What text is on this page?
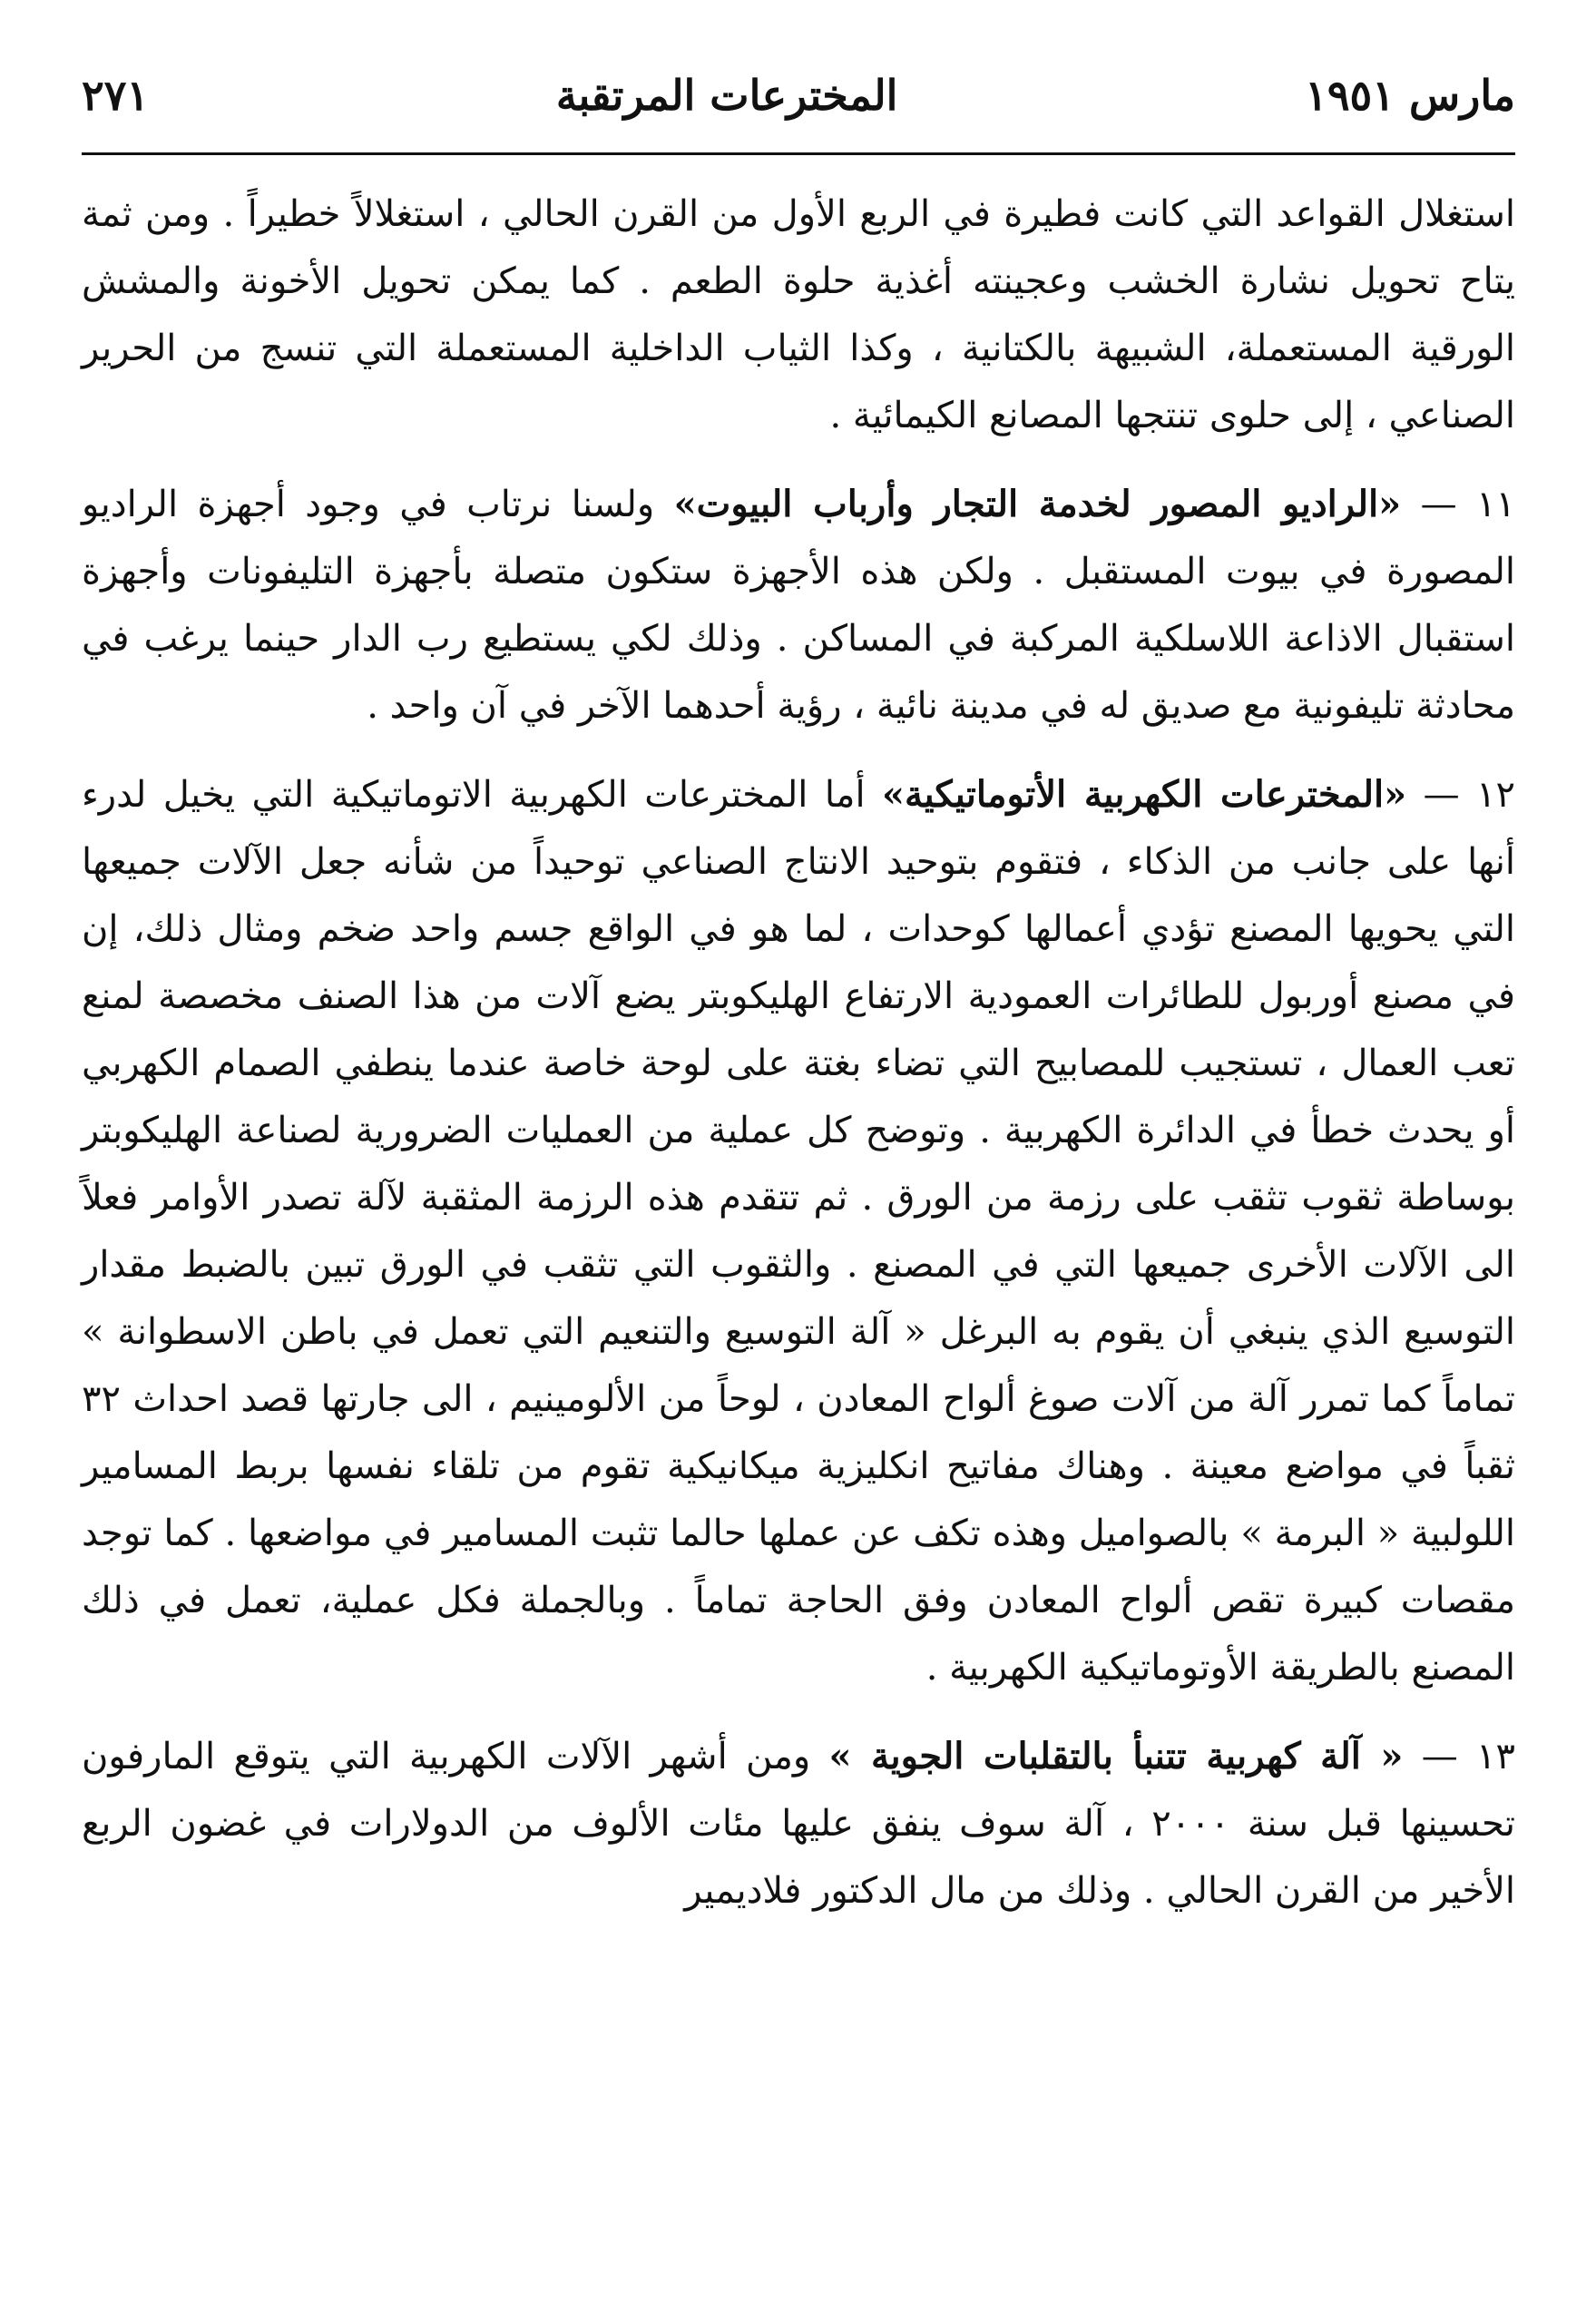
مارس ١٩٥١
المخترعات المرتقبة
٢٧١

استغلال القواعد التي كانت فطيرة في الربع الأول من القرن الحالي ، استغلالاً خطيراً . ومن ثمة يتاح تحويل نشارة الخشب وعجينته أغذية حلوة الطعم . كما يمكن تحويل الأخونة والمشش الورقية المستعملة، الشبيهة بالكتانية ، وكذا الثياب الداخلية المستعملة التي تنسج من الحرير الصناعي ، إلى حلوى تنتجها المصانع الكيمائية .

١١ — «الراديو المصور لخدمة التجار وأرباب البيوت» ولسنا نرتاب في وجود أجهزة الراديو المصورة في بيوت المستقبل . ولكن هذه الأجهزة ستكون متصلة بأجهزة التليفونات وأجهزة استقبال الاذاعة اللاسلكية المركبة في المساكن . وذلك لكي يستطيع رب الدار حينما يرغب في محادثة تليفونية مع صديق له في مدينة نائية ، رؤية أحدهما الآخر في آن واحد .

١٢ — «المخترعات الكهربية الأتوماتيكية» أما المخترعات الكهربية الاتوماتيكية التي يخيل لدرء أنها على جانب من الذكاء ، فتقوم بتوحيد الانتاج الصناعي توحيداً من شأنه جعل الآلات جميعها التي يحويها المصنع تؤدي أعمالها كوحدات ، لما هو في الواقع جسم واحد ضخم ومثال ذلك، إن في مصنع أوربول للطائرات العمودية الارتفاع الهليكوبتر يضع آلات من هذا الصنف مخصصة لمنع تعب العمال ، تستجيب للمصابيح التي تضاء بغتة على لوحة خاصة عندما ينطفي الصمام الكهربي أو يحدث خطأ في الدائرة الكهربية . وتوضح كل عملية من العمليات الضرورية لصناعة الهليكوبتر بوساطة ثقوب تثقب على رزمة من الورق . ثم تتقدم هذه الرزمة المثقبة لآلة تصدر الأوامر فعلاً الى الآلات الأخرى جميعها التي في المصنع . والثقوب التي تثقب في الورق تبين بالضبط مقدار التوسيع الذي ينبغي أن يقوم به البرغل « آلة التوسيع والتنعيم التي تعمل في باطن الاسطوانة » تماماً كما تمرر آلة من آلات صوغ ألواح المعادن ، لوحاً من الألومينيم ، الى جارتها قصد احداث ٣٢ ثقباً في مواضع معينة . وهناك مفاتيح انكليزية ميكانيكية تقوم من تلقاء نفسها بربط المسامير اللولبية « البرمة » بالصواميل وهذه تكف عن عملها حالما تثبت المسامير في مواضعها . كما توجد مقصات كبيرة تقص ألواح المعادن وفق الحاجة تماماً . وبالجملة فكل عملية، تعمل في ذلك المصنع بالطريقة الأوتوماتيكية الكهربية .

١٣ — « آلة كهربية تتنبأ بالتقلبات الجوية » ومن أشهر الآلات الكهربية التي يتوقع المارفون تحسينها قبل سنة ٢٠٠٠ ، آلة سوف ينفق عليها مئات الألوف من الدولارات في غضون الربع الأخير من القرن الحالي . وذلك من مال الدكتور فلاديمير
